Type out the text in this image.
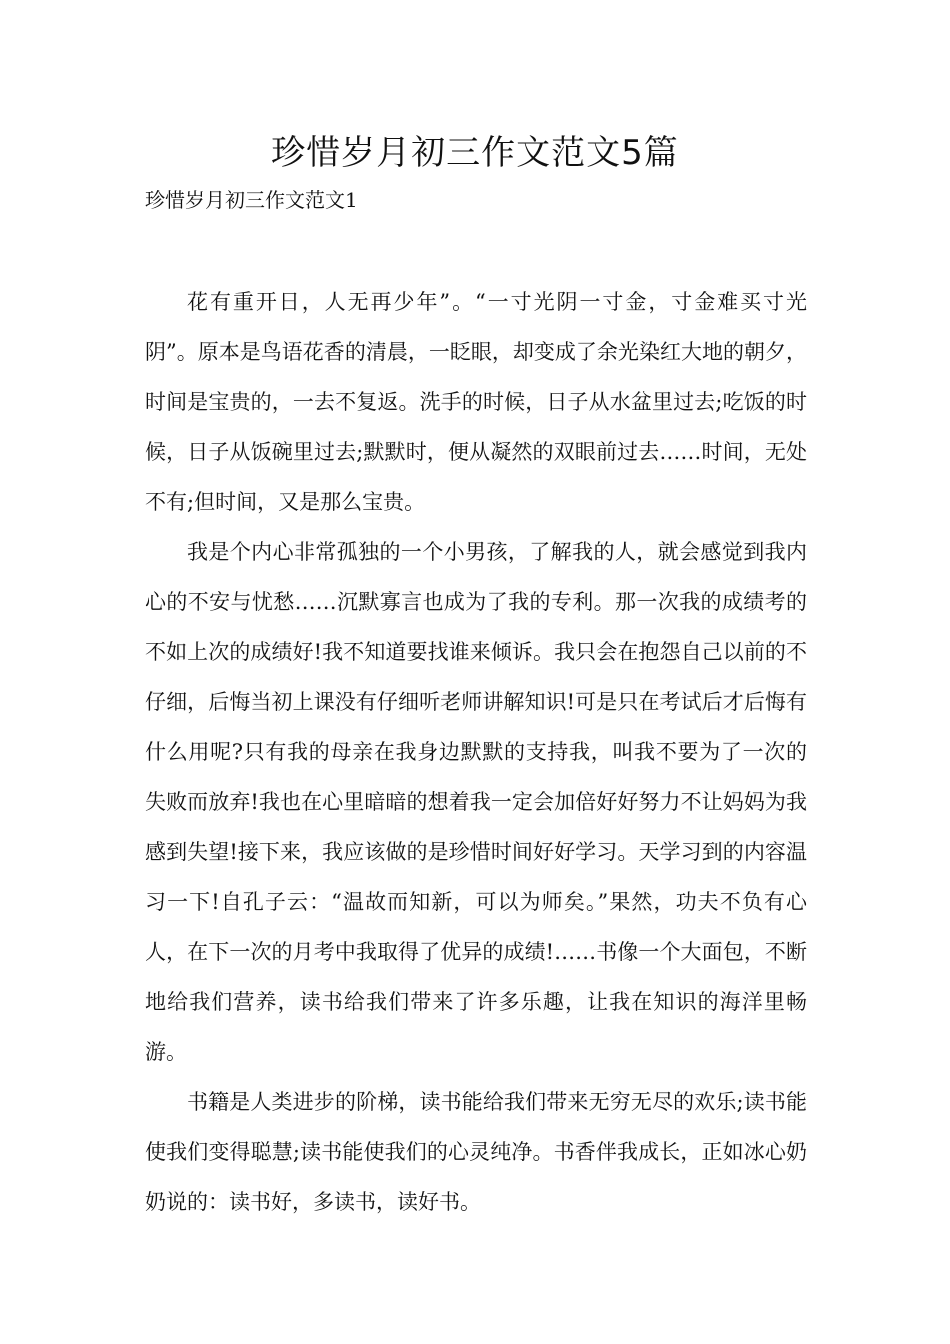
珍惜岁月初三作文范文5篇
珍惜岁月初三作文范文1

花有重开日，人无再少年”。“一寸光阴一寸金，寸金难买寸光阴”。原本是鸟语花香的清晨，一眨眼，却变成了余光染红大地的朝夕，时间是宝贵的，一去不复返。洗手的时候，日子从水盆里过去;吃饭的时候，日子从饭碗里过去;默默时，便从凝然的双眼前过去……时间，无处不有;但时间，又是那么宝贵。

我是个内心非常孤独的一个小男孩，了解我的人，就会感觉到我内心的不安与忧愁……沉默寡言也成为了我的专利。那一次我的成绩考的不如上次的成绩好!我不知道要找谁来倾诉。我只会在抱怨自己以前的不仔细，后悔当初上课没有仔细听老师讲解知识!可是只在考试后才后悔有什么用呢?只有我的母亲在我身边默默的支持我，叫我不要为了一次的失败而放弃!我也在心里暗暗的想着我一定会加倍好好努力不让妈妈为我感到失望!接下来，我应该做的是珍惜时间好好学习。天学习到的内容温习一下!自孔子云：“温故而知新，可以为师矣。”果然，功夫不负有心人，在下一次的月考中我取得了优异的成绩!……书像一个大面包，不断地给我们营养，读书给我们带来了许多乐趣，让我在知识的海洋里畅游。

书籍是人类进步的阶梯，读书能给我们带来无穷无尽的欢乐;读书能使我们变得聪慧;读书能使我们的心灵纯净。书香伴我成长，正如冰心奶奶说的：读书好，多读书，读好书。
